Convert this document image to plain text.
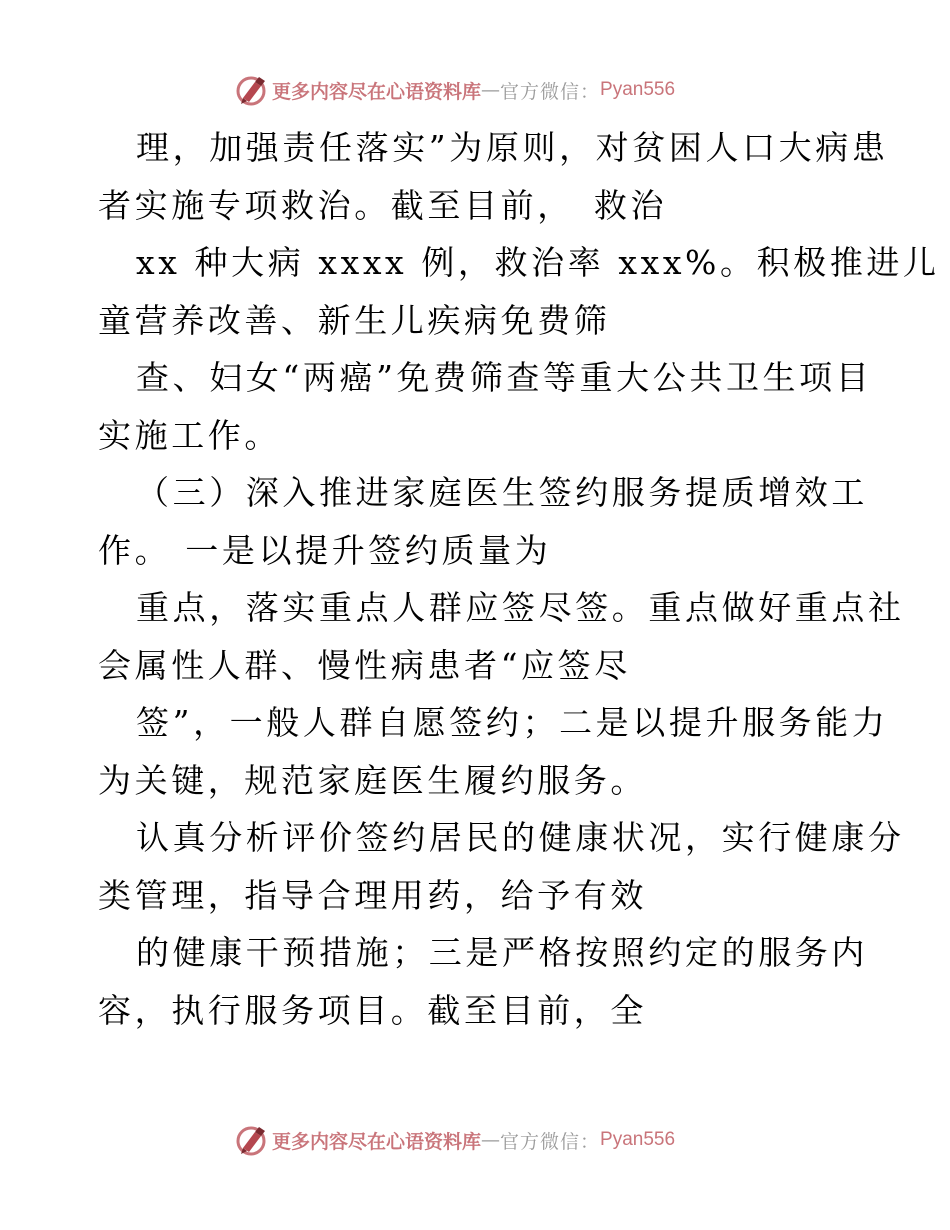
更多内容尽在心语资料库 — 官方微信： Pyan556
理，加强责任落实”为原则，对贫困人口大病患
者实施专项救治。截至目前，　救治
xx 种大病 xxxx 例，救治率 xxx%。积极推进儿
童营养改善、新生儿疾病免费筛
查、妇女“两癌”免费筛查等重大公共卫生项目
实施工作。
（三）深入推进家庭医生签约服务提质增效工
作。 一是以提升签约质量为
重点，落实重点人群应签尽签。重点做好重点社
会属性人群、慢性病患者“应签尽
签”，一般人群自愿签约；二是以提升服务能力
为关键，规范家庭医生履约服务。
认真分析评价签约居民的健康状况，实行健康分
类管理，指导合理用药，给予有效
的健康干预措施；三是严格按照约定的服务内
容，执行服务项目。截至目前，全
更多内容尽在心语资料库 — 官方微信： Pyan556
